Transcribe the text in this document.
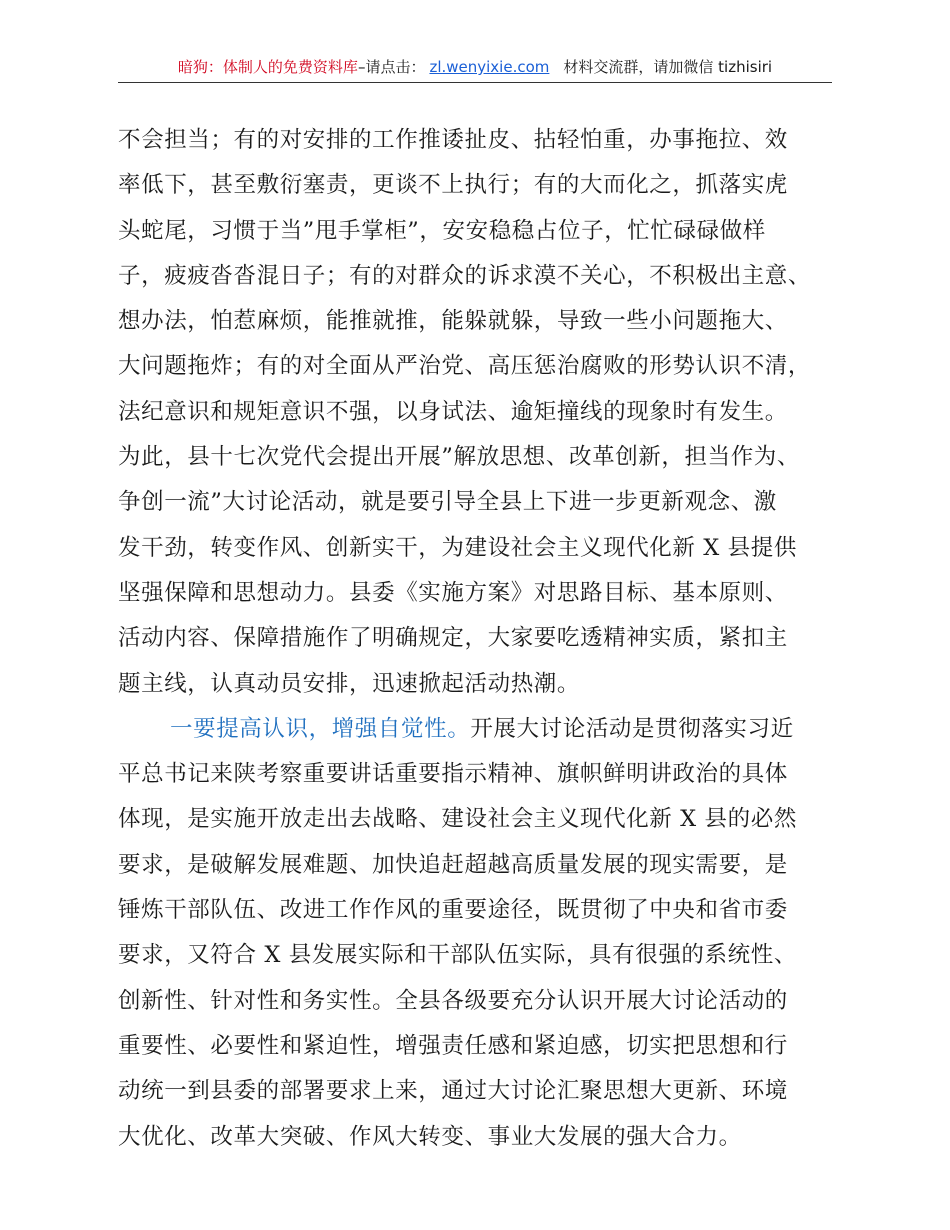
暗狗：体制人的免费资料库–请点击： zl.wenyixie.com 材料交流群，请加微信 tizhisiri
不会担当；有的对安排的工作推诿扯皮、拈轻怕重，办事拖拉、效
率低下，甚至敷衍塞责，更谈不上执行；有的大而化之，抓落实虎
头蛇尾，习惯于当”甩手掌柜”，安安稳稳占位子，忙忙碌碌做样
子，疲疲沓沓混日子；有的对群众的诉求漠不关心，不积极出主意、
想办法，怕惹麻烦，能推就推，能躲就躲，导致一些小问题拖大、
大问题拖炸；有的对全面从严治党、高压惩治腐败的形势认识不清，
法纪意识和规矩意识不强，以身试法、逾矩撞线的现象时有发生。
为此，县十七次党代会提出开展”解放思想、改革创新，担当作为、
争创一流”大讨论活动，就是要引导全县上下进一步更新观念、激
发干劲，转变作风、创新实干，为建设社会主义现代化新 X 县提供
坚强保障和思想动力。县委《实施方案》对思路目标、基本原则、
活动内容、保障措施作了明确规定，大家要吃透精神实质，紧扣主
题主线，认真动员安排，迅速掀起活动热潮。
一要提高认识，增强自觉性。开展大讨论活动是贯彻落实习近
平总书记来陕考察重要讲话重要指示精神、旗帜鲜明讲政治的具体
体现，是实施开放走出去战略、建设社会主义现代化新 X 县的必然
要求，是破解发展难题、加快追赶超越高质量发展的现实需要，是
锤炼干部队伍、改进工作作风的重要途径，既贯彻了中央和省市委
要求，又符合 X 县发展实际和干部队伍实际，具有很强的系统性、
创新性、针对性和务实性。全县各级要充分认识开展大讨论活动的
重要性、必要性和紧迫性，增强责任感和紧迫感，切实把思想和行
动统一到县委的部署要求上来，通过大讨论汇聚思想大更新、环境
大优化、改革大突破、作风大转变、事业大发展的强大合力。
